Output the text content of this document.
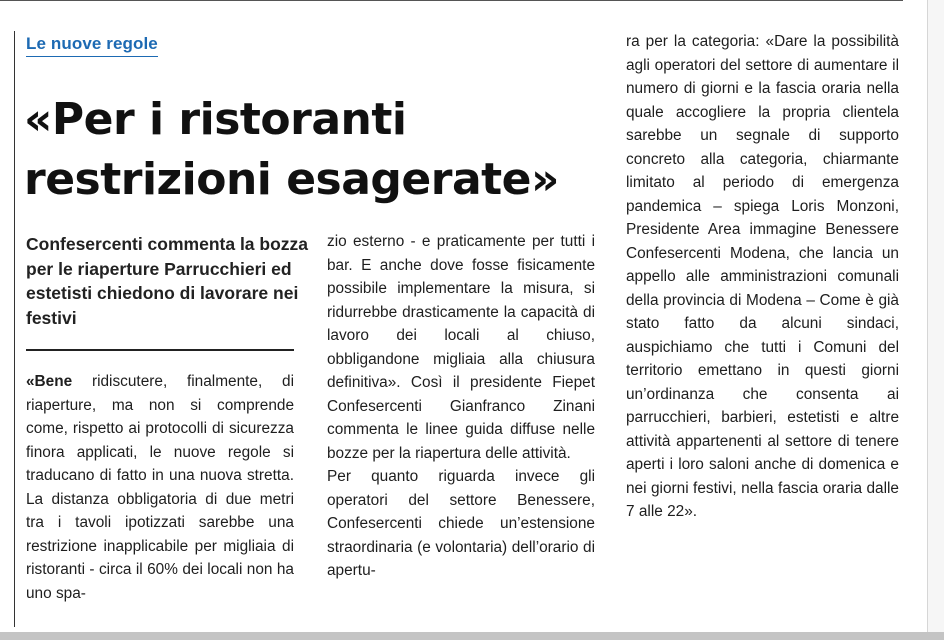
Le nuove regole
«Per i ristoranti restrizioni esagerate»
Confesercenti commenta la bozza per le riaperture Parrucchieri ed estetisti chiedono di lavorare nei festivi

«Bene ridiscutere, finalmente, di riaperture, ma non si comprende come, rispetto ai protocolli di sicurezza finora applicati, le nuove regole si traducano di fatto in una nuova stretta. La distanza obbligatoria di due metri tra i tavoli ipotizzati sarebbe una restrizione inapplicabile per migliaia di ristoranti - circa il 60% dei locali non ha uno spa-

zio esterno - e praticamente per tutti i bar. E anche dove fosse fisicamente possibile implementare la misura, si ridurrebbe drasticamente la capacità di lavoro dei locali al chiuso, obbligandone migliaia alla chiusura definitiva». Così il presidente Fiepet Confesercenti Gianfranco Zinani commenta le linee guida diffuse nelle bozze per la riapertura delle attività.

Per quanto riguarda invece gli operatori del settore Benessere, Confesercenti chiede un’estensione straordinaria (e volontaria) dell’orario di apertu-

ra per la categoria: «Dare la possibilità agli operatori del settore di aumentare il numero di giorni e la fascia oraria nella quale accogliere la propria clientela sarebbe un segnale di supporto concreto alla categoria, chiarmante limitato al periodo di emergenza pandemica – spiega Loris Monzoni, Presidente Area immagine Benessere Confesercenti Modena, che lancia un appello alle amministrazioni comunali della provincia di Modena – Come è già stato fatto da alcuni sindaci, auspichiamo che tutti i Comuni del territorio emettano in questi giorni un’ordinanza che consenta ai parrucchieri, barbieri, estetisti e altre attività appartenenti al settore di tenere aperti i loro saloni anche di domenica e nei giorni festivi, nella fascia oraria dalle 7 alle 22».
